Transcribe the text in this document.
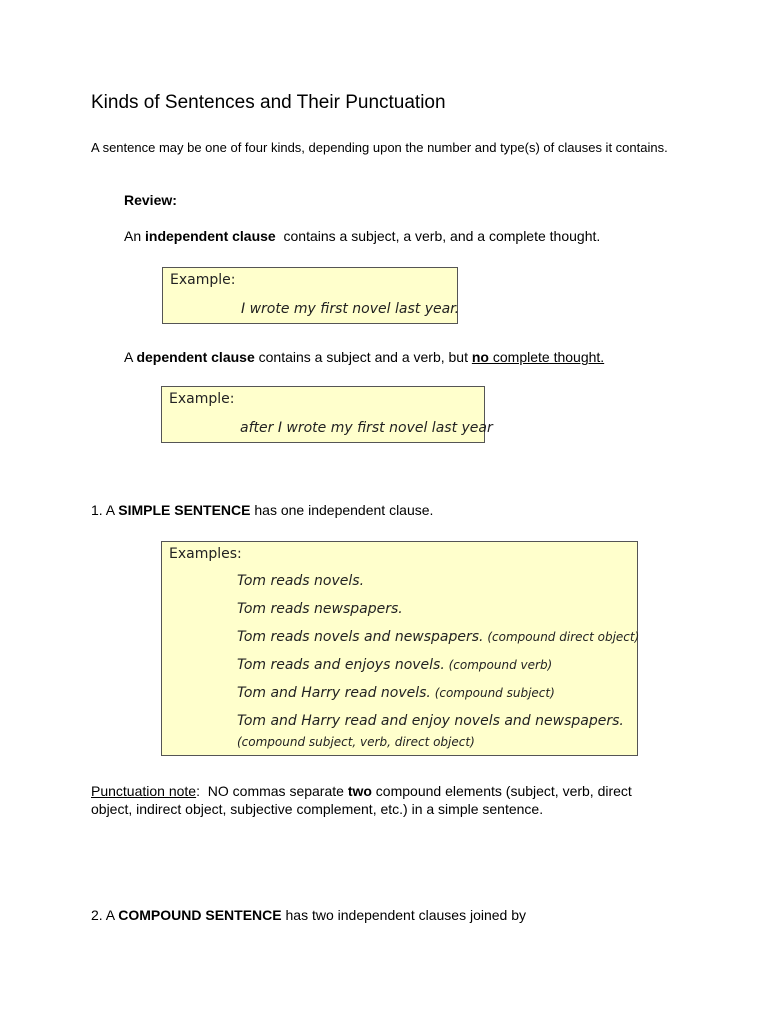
Kinds of Sentences and Their Punctuation
A sentence may be one of four kinds, depending upon the number and type(s) of clauses it contains.
Review:
An independent clause  contains a subject, a verb, and a complete thought.
Example:
I wrote my first novel last year.
A dependent clause contains a subject and a verb, but no complete thought.
Example:
after I wrote my first novel last year
1. A SIMPLE SENTENCE has one independent clause.
Examples:
Tom reads novels.
Tom reads newspapers.
Tom reads novels and newspapers. (compound direct object)
Tom reads and enjoys novels. (compound verb)
Tom and Harry read novels. (compound subject)
Tom and Harry read and enjoy novels and newspapers.
(compound subject, verb, direct object)
Punctuation note:  NO commas separate two compound elements (subject, verb, direct object, indirect object, subjective complement, etc.) in a simple sentence.
2. A COMPOUND SENTENCE has two independent clauses joined by
